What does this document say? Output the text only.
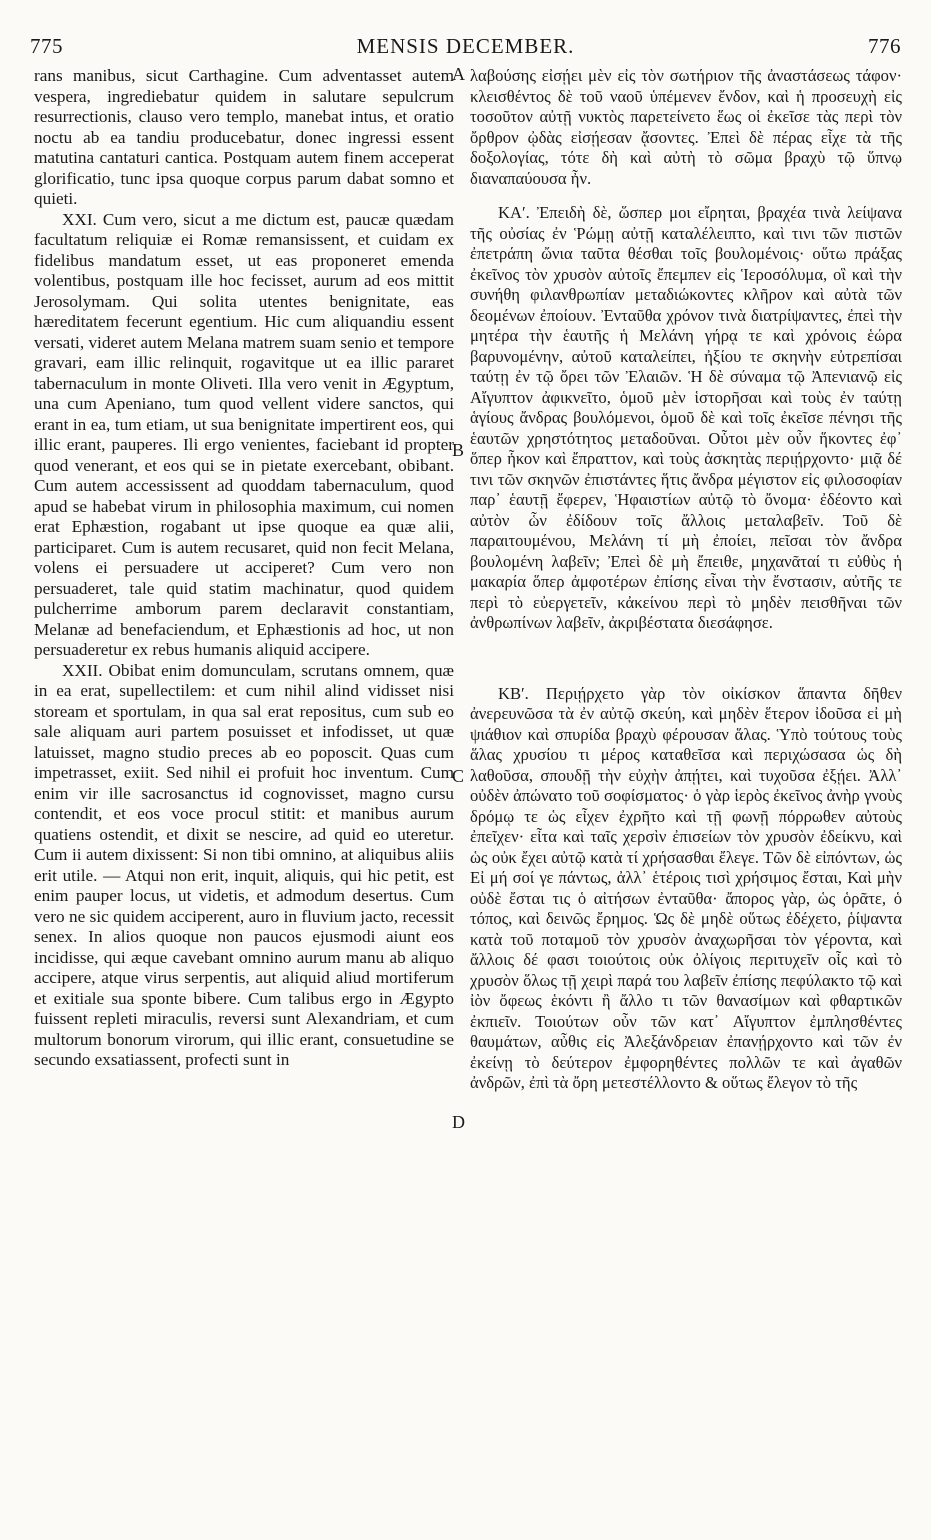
775	MENSIS DECEMBER.	776

rans manibus, sicut Carthagine. Cum adventasset autem vespera, ingrediebatur quidem in salutare sepulcrum resurrectionis, clauso vero templo, manebat intus, et oratio noctu ab ea tandiu producebatur, donec ingressi essent matutina cantaturi cantica. Postquam autem finem acceperat glorificatio, tunc ipsa quoque corpus parum dabat somno et quieti.

XXI. Cum vero, sicut a me dictum est, paucæ quædam facultatum reliquiæ ei Romæ remansissent, et cuidam ex fidelibus mandatum esset, ut eas proponeret emenda volentibus, postquam ille hoc fecisset, aurum ad eos mittit Jerosolymam. Qui solita utentes benignitate, eas hæreditatem fecerunt egentium. Hic cum aliquandiu essent versati, videret autem Melana matrem suam senio et tempore gravari, eam illic relinquit, rogavitque ut ea illic pararet tabernaculum in monte Oliveti. Illa vero venit in Ægyptum, una cum Apeniano, tum quod vellent videre sanctos, qui erant in ea, tum etiam, ut sua benignitate impertirent eos, qui illic erant, pauperes. Ili ergo venientes, faciebant id propter quod venerant, et eos qui se in pietate exercebant, obibant. Cum autem accessissent ad quoddam tabernaculum, quod apud se habebat virum in philosophia maximum, cui nomen erat Ephæstion, rogabant ut ipse quoque ea quæ alii, participaret. Cum is autem recusaret, quid non fecit Melana, volens ei persuadere ut acciperet? Cum vero non persuaderet, tale quid statim machinatur, quod quidem pulcherrime amborum parem declaravit constantiam, Melanæ ad benefaciendum, et Ephæstionis ad hoc, ut non persuaderetur ex rebus humanis aliquid accipere.

XXII. Obibat enim domunculam, scrutans omnem, quæ in ea erat, supellectilem: et cum nihil alind vidisset nisi stoream et sportulam, in qua sal erat repositus, cum sub eo sale aliquam auri partem posuisset et infodisset, ut quæ latuisset, magno studio preces ab eo poposcit. Quas cum impetrasset, exiit. Sed nihil ei profuit hoc inventum. Cum enim vir ille sacrosanctus id cognovisset, magno cursu contendit, et eos voce procul stitit: et manibus aurum quatiens ostendit, et dixit se nescire, ad quid eo uteretur. Cum ii autem dixissent: Si non tibi omnino, at aliquibus aliis erit utile. — Atqui non erit, inquit, aliquis, qui hic petit, est enim pauper locus, ut videtis, et admodum desertus. Cum vero ne sic quidem acciperent, auro in fluvium jacto, recessit senex. In alios quoque non paucos ejusmodi aiunt eos incidisse, qui æque cavebant omnino aurum manu ab aliquo accipere, atque virus serpentis, aut aliquid aliud mortiferum et exitiale sua sponte bibere. Cum talibus ergo in Ægypto fuissent repleti miraculis, reversi sunt Alexandriam, et cum multorum bonorum virorum, qui illic erant, consuetudine se secundo exsatiassent, profecti sunt in

A
B
C
D

λαβούσης εἰσῄει μὲν εἰς τὸν σωτήριον τῆς ἀναστάσεως τάφον· κλεισθέντος δὲ τοῦ ναοῦ ὑπέμενεν ἔνδον, καὶ ἡ προσευχὴ εἰς τοσοῦτον αὐτῇ νυκτὸς παρετείνετο ἕως οἱ ἐκεῖσε τὰς περὶ τὸν ὄρθρον ᾠδὰς εἰσῄεσαν ᾄσοντες. Ἐπεὶ δὲ πέρας εἶχε τὰ τῆς δοξολογίας, τότε δὴ καὶ αὐτὴ τὸ σῶμα βραχὺ τῷ ὕπνῳ διαναπαύουσα ἦν.

ΚΑʹ. Ἐπειδὴ δὲ, ὥσπερ μοι εἴρηται, βραχέα τινὰ λείψανα τῆς οὐσίας ἐν Ῥώμῃ αὐτῇ καταλέλειπτο, καὶ τινι τῶν πιστῶν ἐπετράπη ὤνια ταῦτα θέσθαι τοῖς βουλομένοις· οὕτω πράξας ἐκεῖνος τὸν χρυσὸν αὐτοῖς ἔπεμπεν εἰς Ἱεροσόλυμα, οἳ καὶ τὴν συνήθη φιλανθρωπίαν μεταδιώκοντες κλῆρον καὶ αὐτὰ τῶν δεομένων ἐποίουν. Ἐνταῦθα χρόνον τινὰ διατρίψαντες, ἐπεὶ τὴν μητέρα τὴν ἑαυτῆς ἡ Μελάνη γήρᾳ τε καὶ χρόνοις ἑώρα βαρυνομένην, αὐτοῦ καταλείπει, ἠξίου τε σκηνὴν εὐτρεπίσαι ταύτῃ ἐν τῷ ὄρει τῶν Ἐλαιῶν. Ἡ δὲ σύναμα τῷ Ἀπενιανῷ εἰς Αἴγυπτον ἀφικνεῖτο, ὁμοῦ μὲν ἱστορῆσαι καὶ τοὺς ἐν ταύτῃ ἁγίους ἄνδρας βουλόμενοι, ὁμοῦ δὲ καὶ τοῖς ἐκεῖσε πένησι τῆς ἑαυτῶν χρηστότητος μεταδοῦναι. Οὗτοι μὲν οὖν ἥκοντες ἐφ᾽ ὅπερ ἧκον καὶ ἔπραττον, καὶ τοὺς ἀσκητὰς περιῄρχοντο· μιᾷ δέ τινι τῶν σκηνῶν ἐπιστάντες ἥτις ἄνδρα μέγιστον εἰς φιλοσοφίαν παρ᾽ ἑαυτῇ ἔφερεν, Ἡφαιστίων αὐτῷ τὸ ὄνομα· ἐδέοντο καὶ αὐτὸν ὧν ἐδίδουν τοῖς ἄλλοις μεταλαβεῖν. Τοῦ δὲ παραιτουμένου, Μελάνη τί μὴ ἐποίει, πεῖσαι τὸν ἄνδρα βουλομένη λαβεῖν; Ἐπεὶ δὲ μὴ ἔπειθε, μηχανᾶταί τι εὐθὺς ἡ μακαρία ὅπερ ἀμφοτέρων ἐπίσης εἶναι τὴν ἔνστασιν, αὐτῆς τε περὶ τὸ εὐεργετεῖν, κἀκείνου περὶ τὸ μηδὲν πεισθῆναι τῶν ἀνθρωπίνων λαβεῖν, ἀκριβέστατα διεσάφησε.

ΚΒʹ. Περιῄρχετο γὰρ τὸν οἰκίσκον ἅπαντα δῆθεν ἀνερευνῶσα τὰ ἐν αὐτῷ σκεύη, καὶ μηδὲν ἕτερον ἰδοῦσα εἰ μὴ ψιάθιον καὶ σπυρίδα βραχὺ φέρουσαν ἅλας. Ὑπὸ τούτους τοὺς ἅλας χρυσίου τι μέρος καταθεῖσα καὶ περιχώσασα ὡς δὴ λαθοῦσα, σπουδῇ τὴν εὐχὴν ἀπῄτει, καὶ τυχοῦσα ἐξῄει. Ἀλλ᾽ οὐδὲν ἀπώνατο τοῦ σοφίσματος· ὁ γὰρ ἱερὸς ἐκεῖνος ἀνὴρ γνοὺς δρόμῳ τε ὡς εἶχεν ἐχρῆτο καὶ τῇ φωνῇ πόρρωθεν αὐτοὺς ἐπεῖχεν· εἶτα καὶ ταῖς χερσὶν ἐπισείων τὸν χρυσὸν ἐδείκνυ, καὶ ὡς οὐκ ἔχει αὐτῷ κατὰ τί χρήσασθαι ἔλεγε. Τῶν δὲ εἰπόντων, ὡς Εἰ μή σοί γε πάντως, ἀλλ᾽ ἑτέροις τισὶ χρήσιμος ἔσται, Καὶ μὴν οὐδὲ ἔσται τις ὁ αἰτήσων ἐνταῦθα· ἄπορος γὰρ, ὡς ὁρᾶτε, ὁ τόπος, καὶ δεινῶς ἔρημος. Ὡς δὲ μηδὲ οὕτως ἐδέχετο, ῥίψαντα κατὰ τοῦ ποταμοῦ τὸν χρυσὸν ἀναχωρῆσαι τὸν γέροντα, καὶ ἄλλοις δέ φασι τοιούτοις οὐκ ὀλίγοις περιτυχεῖν οἷς καὶ τὸ χρυσὸν ὅλως τῇ χειρὶ παρά του λαβεῖν ἐπίσης πεφύλακτο τῷ καὶ ἰὸν ὄφεως ἑκόντι ἢ ἄλλο τι τῶν θανασίμων καὶ φθαρτικῶν ἐκπιεῖν. Τοιούτων οὖν τῶν κατ᾽ Αἴγυπτον ἐμπλησθέντες θαυμάτων, αὖθις εἰς Ἀλεξάνδρειαν ἐπανῄρχοντο καὶ τῶν ἐν ἐκείνῃ τὸ δεύτερον ἐμφορηθέντες πολλῶν τε καὶ ἀγαθῶν ἀνδρῶν, ἐπὶ τὰ ὄρη μετεστέλλοντο & οὕτως ἔλεγον τὸ τῆς
